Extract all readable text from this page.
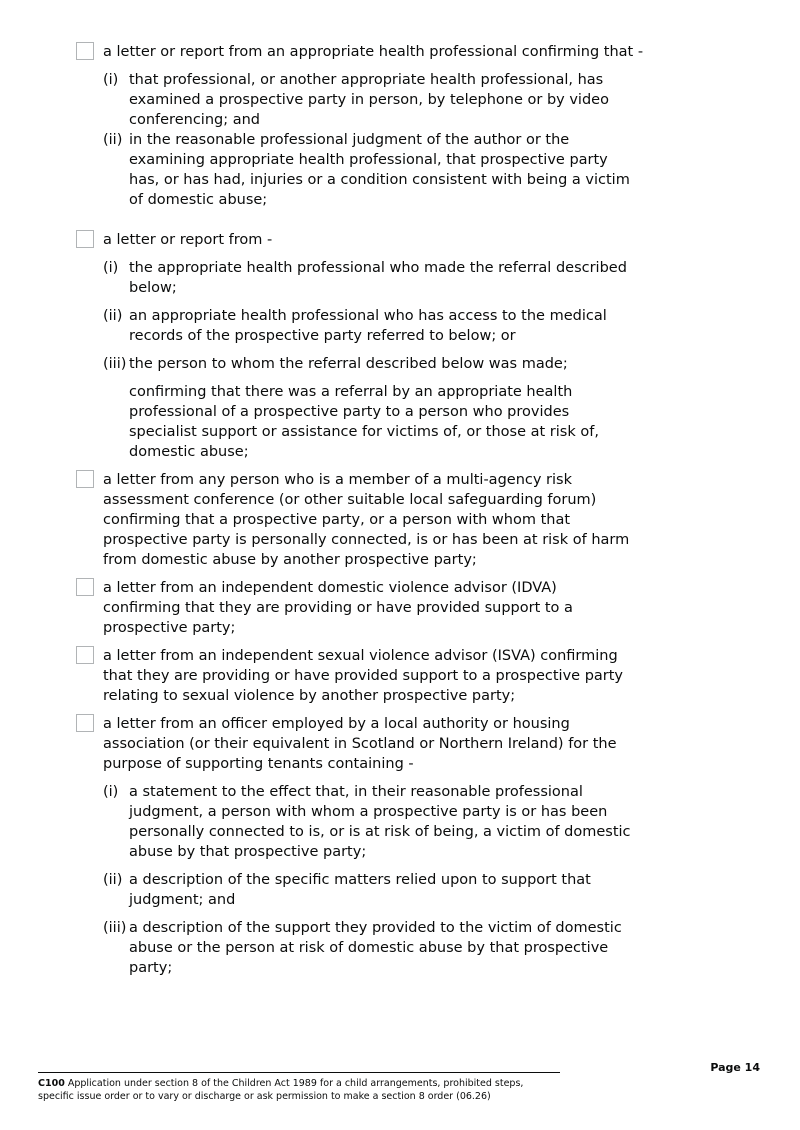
a letter or report from an appropriate health professional confirming that -

(i) that professional, or another appropriate health professional, has
examined a prospective party in person, by telephone or by video
conferencing; and
(ii) in the reasonable professional judgment of the author or the
examining appropriate health professional, that prospective party
has, or has had, injuries or a condition consistent with being a victim
of domestic abuse;

a letter or report from -

(i) the appropriate health professional who made the referral described
below;
(ii) an appropriate health professional who has access to the medical
records of the prospective party referred to below; or
(iii) the person to whom the referral described below was made;
confirming that there was a referral by an appropriate health
professional of a prospective party to a person who provides
specialist support or assistance for victims of, or those at risk of,
domestic abuse;

a letter from any person who is a member of a multi-agency risk

assessment conference (or other suitable local safeguarding forum)

confirming that a prospective party, or a person with whom that

prospective party is personally connected, is or has been at risk of harm

from domestic abuse by another prospective party;

a letter from an independent domestic violence advisor (IDVA)

confirming that they are providing or have provided support to a

prospective party;

a letter from an independent sexual violence advisor (ISVA) confirming

that they are providing or have provided support to a prospective party

relating to sexual violence by another prospective party;

a letter from an officer employed by a local authority or housing

association (or their equivalent in Scotland or Northern Ireland) for the

purpose of supporting tenants containing -

(i) a statement to the effect that, in their reasonable professional
judgment, a person with whom a prospective party is or has been
personally connected to is, or is at risk of being, a victim of domestic
abuse by that prospective party;
(ii) a description of the specific matters relied upon to support that
judgment; and
(iii) a description of the support they provided to the victim of domestic
abuse or the person at risk of domestic abuse by that prospective
party;
Page 14
C100 Application under section 8 of the Children Act 1989 for a child arrangements, prohibited steps,
specific issue order or to vary or discharge or ask permission to make a section 8 order (06.26)
